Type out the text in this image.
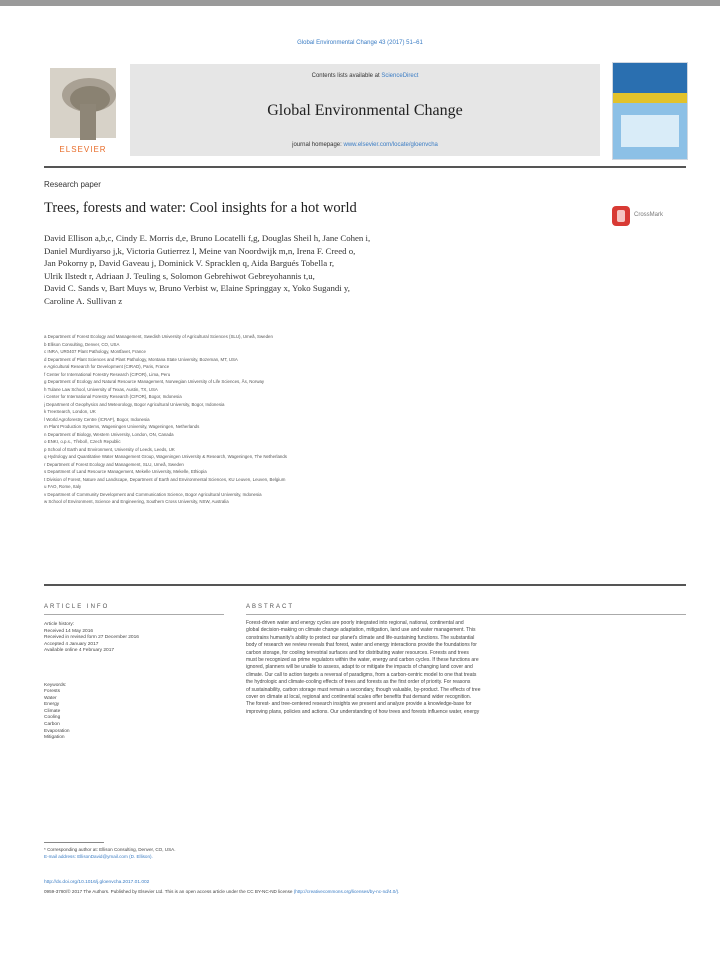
Global Environmental Change 43 (2017) 51–61
ELSEVIER
Contents lists available at ScienceDirect
Global Environmental Change
journal homepage: www.elsevier.com/locate/gloenvcha
Research paper
Trees, forests and water: Cool insights for a hot world	CrossMark
David Ellison a,b,c, Cindy E. Morris d,e, Bruno Locatelli f,g, Douglas Sheil h, Jane Cohen i,
Daniel Murdiyarso j,k, Victoria Gutierrez l, Meine van Noordwijk m,n, Irena F. Creed o,
Jan Pokorny p, David Gaveau j, Dominick V. Spracklen q, Aida Bargués Tobella r,
Ulrik Ilstedt r, Adriaan J. Teuling s, Solomon Gebrehiwot Gebreyohannis t,u,
David C. Sands v, Bart Muys w, Bruno Verbist w, Elaine Springgay x, Yoko Sugandi y,
Caroline A. Sullivan z
a Department of Forest Ecology and Management, Swedish University of Agricultural Sciences (SLU), Umeå, Sweden
b Ellison Consulting, Denver, CO, USA
c INRA, UR0407 Plant Pathology, Montfavet, France
d Department of Plant Sciences and Plant Pathology, Montana State University, Bozeman, MT, USA
e Agricultural Research for Development (CIRAD), Paris, France
f Center for International Forestry Research (CIFOR), Lima, Peru
g Department of Ecology and Natural Resource Management, Norwegian University of Life Sciences, Ås, Norway
h Tulane Law School, University of Texas, Austin, TX, USA
i Center for International Forestry Research (CIFOR), Bogor, Indonesia
j Department of Geophysics and Meteorology, Bogor Agricultural University, Bogor, Indonesia
k TreeSearch, London, UK
l World Agroforestry Centre (ICRAF), Bogor, Indonesia
m Plant Production Systems, Wageningen University, Wageningen, Netherlands
n Department of Biology, Western University, London, ON, Canada
o ENKI, o.p.s., Třeboň, Czech Republic
p School of Earth and Environment, University of Leeds, Leeds, UK
q Hydrology and Quantitative Water Management Group, Wageningen University & Research, Wageningen, The Netherlands
r Department of Forest Ecology and Management, SLU, Umeå, Sweden
s Department of Land Resource Management, Mekelle University, Mekelle, Ethiopia
t Division of Forest, Nature and Landscape, Department of Earth and Environmental Sciences, KU Leuven, Leuven, Belgium
u FAO, Rome, Italy
v Department of Community Development and Communication Science, Bogor Agricultural University, Indonesia
w School of Environment, Science and Engineering, Southern Cross University, NSW, Australia
ARTICLE INFO	ABSTRACT
Article history:
Received 14 May 2016
Received in revised form 27 December 2016
Accepted 4 January 2017
Available online 4 February 2017
Keywords:
Forests
Water
Energy
Climate
Cooling
Carbon
Evaporation
Mitigation
Forest-driven water and energy cycles are poorly integrated into regional, national, continental and
global decision-making on climate change adaptation, mitigation, land use and water management. This
constrains humanity's ability to protect our planet's climate and life-sustaining functions. The substantial
body of research we review reveals that forest, water and energy interactions provide the foundations for
carbon storage, for cooling terrestrial surfaces and for distributing water resources. Forests and trees
must be recognized as prime regulators within the water, energy and carbon cycles. If these functions are
ignored, planners will be unable to assess, adapt to or mitigate the impacts of changing land cover and
climate. Our call to action targets a reversal of paradigms, from a carbon-centric model to one that treats
the hydrologic and climate-cooling effects of trees and forests as the first order of priority. For reasons
of sustainability, carbon storage must remain a secondary, though valuable, by-product. The effects of tree
cover on climate at local, regional and continental scales offer benefits that demand wider recognition.
The forest- and tree-centered research insights we present and analyze provide a knowledge-base for
improving plans, policies and actions. Our understanding of how trees and forests influence water, energy
* Corresponding author at: Ellison Consulting, Denver, CO, USA.
E-mail address: EllisonDavid@ymail.com (D. Ellison).
http://dx.doi.org/10.1016/j.gloenvcha.2017.01.002
0959-3780/© 2017 The Authors. Published by Elsevier Ltd. This is an open access article under the CC BY-NC-ND license (http://creativecommons.org/licenses/by-nc-nd/4.0/).
